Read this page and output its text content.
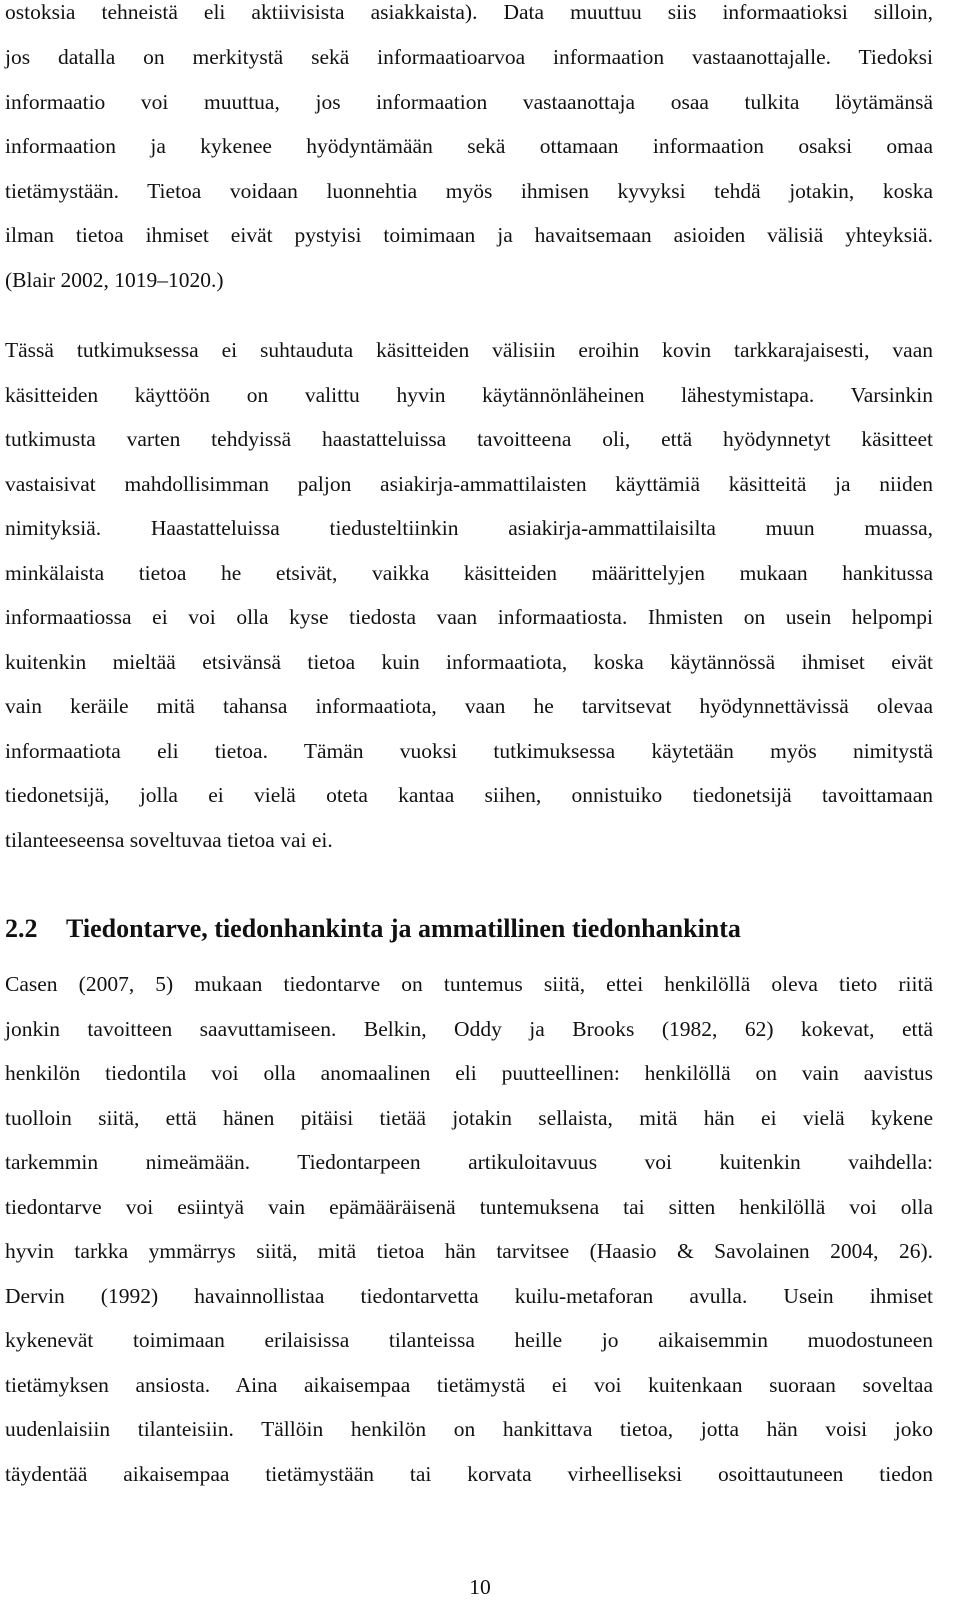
ostoksia tehneistä eli aktiivisista asiakkaista). Data muuttuu siis informaatioksi silloin,
jos datalla on merkitystä sekä informaatioarvoa informaation vastaanottajalle. Tiedoksi
informaatio voi muuttua, jos informaation vastaanottaja osaa tulkita löytämänsä
informaation ja kykenee hyödyntämään sekä ottamaan informaation osaksi omaa
tietämystään. Tietoa voidaan luonnehtia myös ihmisen kyvyksi tehdä jotakin, koska
ilman tietoa ihmiset eivät pystyisi toimimaan ja havaitsemaan asioiden välisiä yhteyksiä.
(Blair 2002, 1019–1020.)
Tässä tutkimuksessa ei suhtauduta käsitteiden välisiin eroihin kovin tarkkarajaisesti, vaan
käsitteiden käyttöön on valittu hyvin käytännönläheinen lähestymistapa. Varsinkin
tutkimusta varten tehdyissä haastatteluissa tavoitteena oli, että hyödynnetyt käsitteet
vastaisivat mahdollisimman paljon asiakirja-ammattilaisten käyttämiä käsitteitä ja niiden
nimityksiä. Haastatteluissa tiedusteltiinkin asiakirja-ammattilaisilta muun muassa,
minkälaista tietoa he etsivät, vaikka käsitteiden määrittelyjen mukaan hankitussa
informaatiossa ei voi olla kyse tiedosta vaan informaatiosta. Ihmisten on usein helpompi
kuitenkin mieltää etsivänsä tietoa kuin informaatiota, koska käytännössä ihmiset eivät
vain keräile mitä tahansa informaatiota, vaan he tarvitsevat hyödynnettävissä olevaa
informaatiota eli tietoa. Tämän vuoksi tutkimuksessa käytetään myös nimitystä
tiedonetsijä, jolla ei vielä oteta kantaa siihen, onnistuiko tiedonetsijä tavoittamaan
tilanteeseensa soveltuvaa tietoa vai ei.
2.2 Tiedontarve, tiedonhankinta ja ammatillinen tiedonhankinta
Casen (2007, 5) mukaan tiedontarve on tuntemus siitä, ettei henkilöllä oleva tieto riitä
jonkin tavoitteen saavuttamiseen. Belkin, Oddy ja Brooks (1982, 62) kokevat, että
henkilön tiedontila voi olla anomaalinen eli puutteellinen: henkilöllä on vain aavistus
tuolloin siitä, että hänen pitäisi tietää jotakin sellaista, mitä hän ei vielä kykene
tarkemmin nimeämään. Tiedontarpeen artikuloitavuus voi kuitenkin vaihdella:
tiedontarve voi esiintyä vain epämääräisenä tuntemuksena tai sitten henkilöllä voi olla
hyvin tarkka ymmärrys siitä, mitä tietoa hän tarvitsee (Haasio & Savolainen 2004, 26).
Dervin (1992) havainnollistaa tiedontarvetta kuilu-metaforan avulla. Usein ihmiset
kykenevät toimimaan erilaisissa tilanteissa heille jo aikaisemmin muodostuneen
tietämyksen ansiosta. Aina aikaisempaa tietämystä ei voi kuitenkaan suoraan soveltaa
uudenlaisiin tilanteisiin. Tällöin henkilön on hankittava tietoa, jotta hän voisi joko
täydentää aikaisempaa tietämystään tai korvata virheelliseksi osoittautuneen tiedon
10
